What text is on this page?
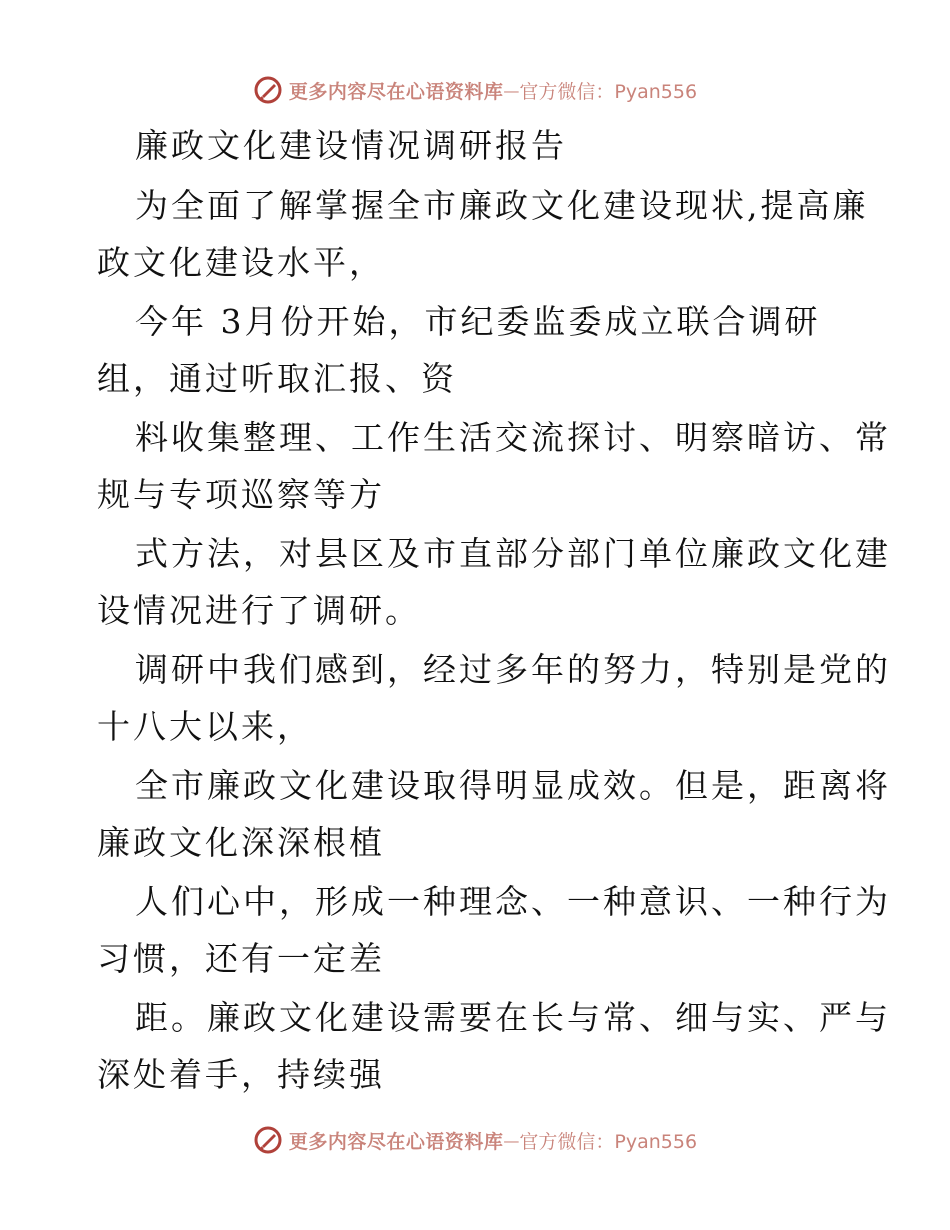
更多内容尽在心语资料库 — 官方微信：Pyan556
廉政文化建设情况调研报告
为全面了解掌握全市廉政文化建设现状,提高廉
政文化建设水平，
今年 3月份开始，市纪委监委成立联合调研
组，通过听取汇报、资
料收集整理、工作生活交流探讨、明察暗访、常
规与专项巡察等方
式方法，对县区及市直部分部门单位廉政文化建
设情况进行了调研。
调研中我们感到，经过多年的努力，特别是党的
十八大以来，
全市廉政文化建设取得明显成效。但是，距离将
廉政文化深深根植
人们心中，形成一种理念、一种意识、一种行为
习惯，还有一定差
距。廉政文化建设需要在长与常、细与实、严与
深处着手，持续强
更多内容尽在心语资料库 — 官方微信：Pyan556
